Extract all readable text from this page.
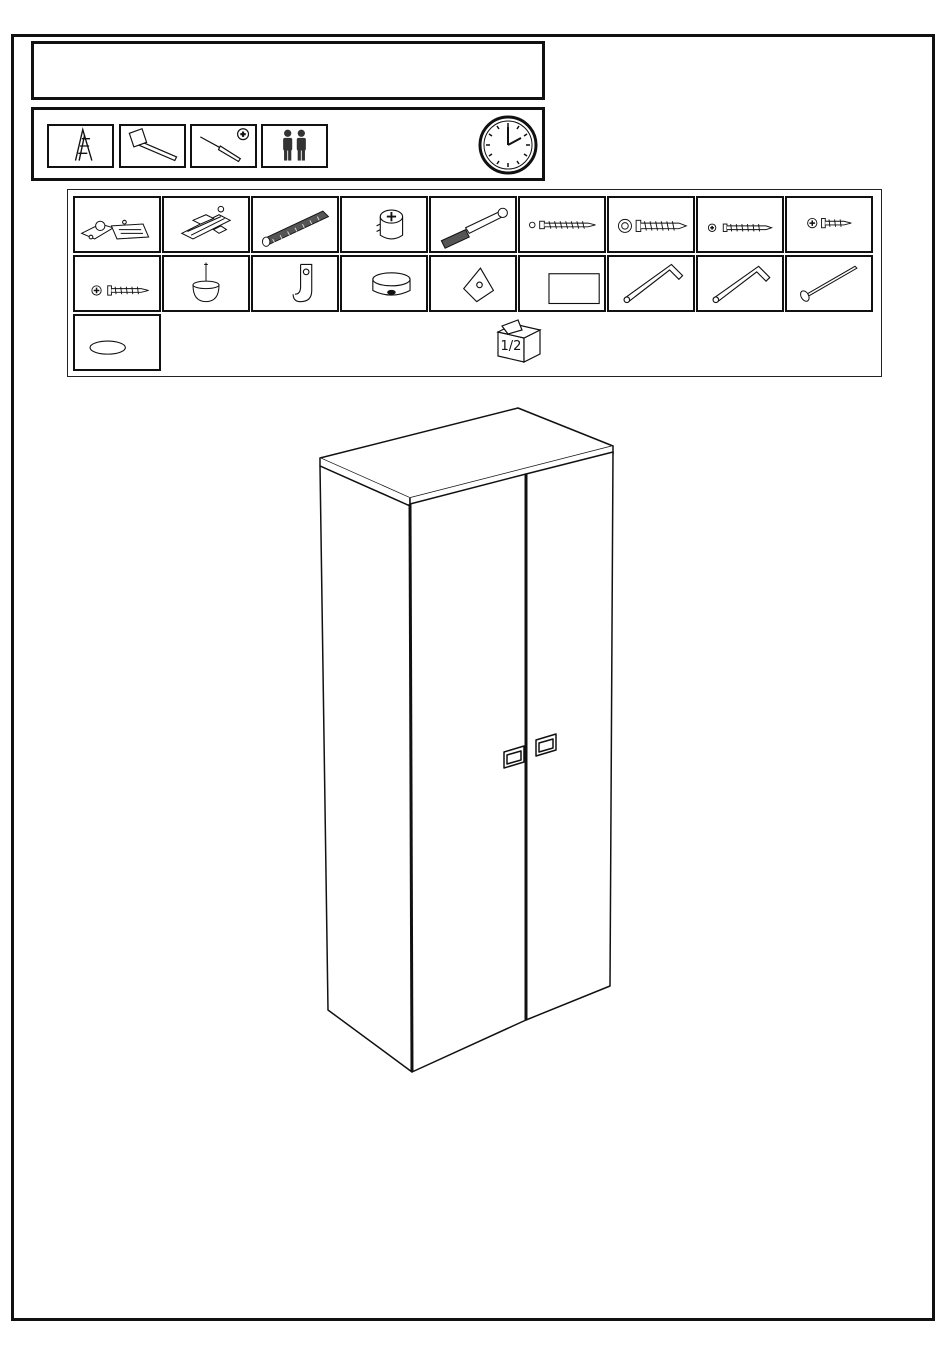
1/2
